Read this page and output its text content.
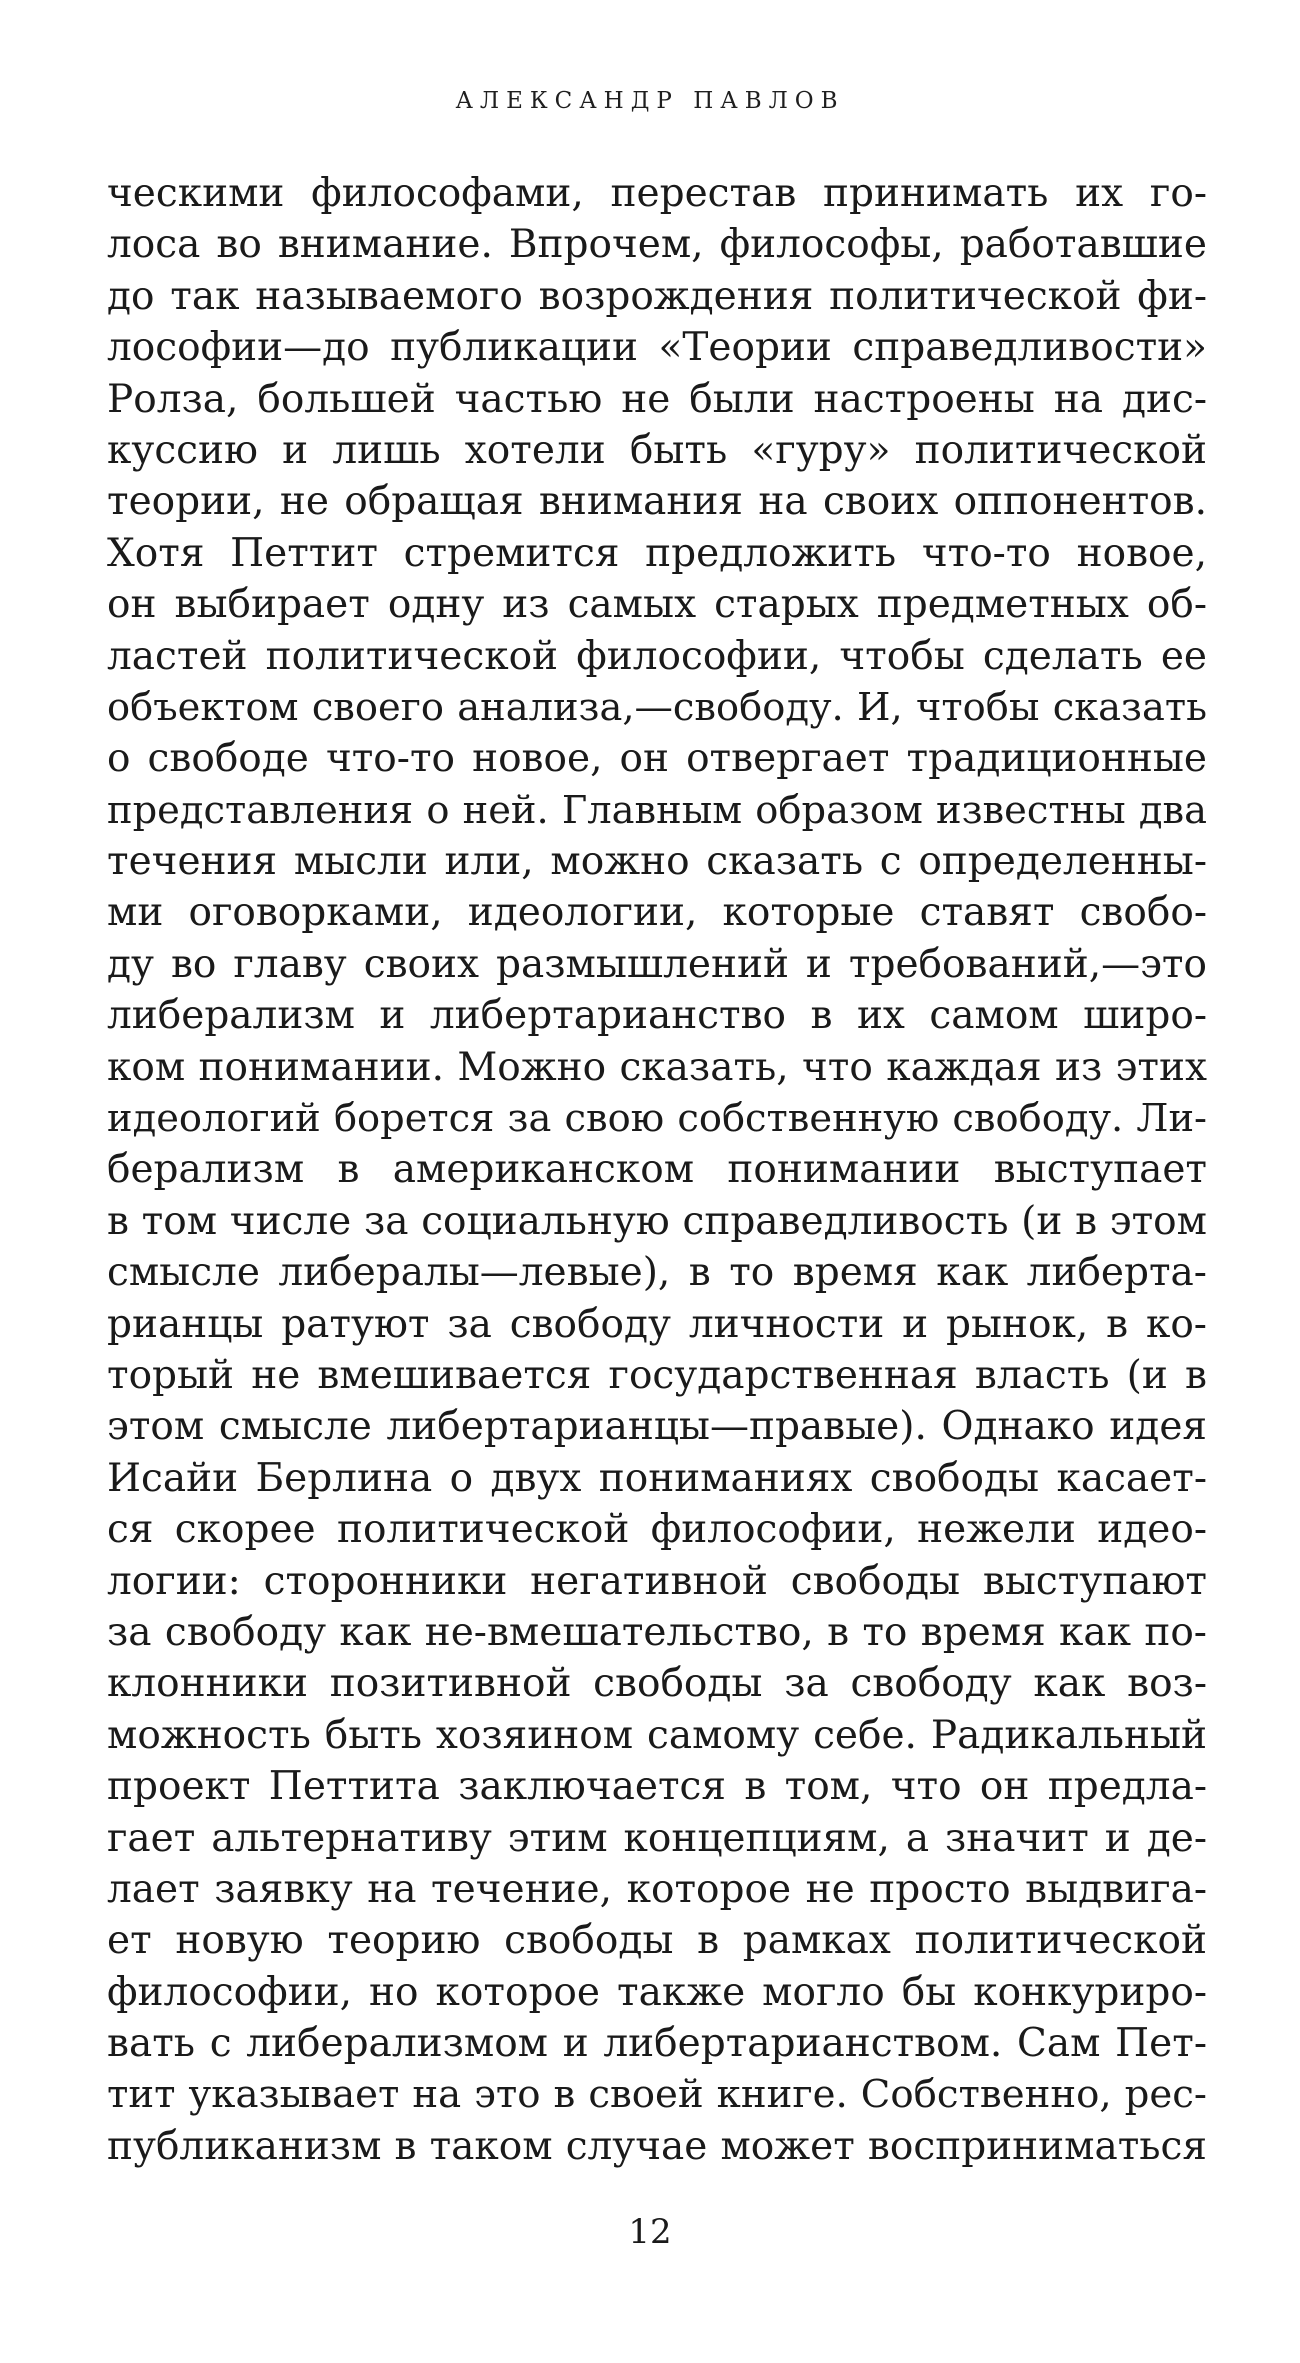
АЛЕКСАНДР ПАВЛОВ
ческими философами, перестав принимать их го-
лоса во внимание. Впрочем, философы, работавшие
до так называемого возрождения политической фи-
лософии—до публикации «Теории справедливости»
Ролза, большей частью не были настроены на дис-
куссию и лишь хотели быть «гуру» политической
теории, не обращая внимания на своих оппонентов.
Хотя Петтит стремится предложить что-то новое,
он выбирает одну из самых старых предметных об-
ластей политической философии, чтобы сделать ее
объектом своего анализа,—свободу. И, чтобы сказать
о свободе что-то новое, он отвергает традиционные
представления о ней. Главным образом известны два
течения мысли или, можно сказать с определенны-
ми оговорками, идеологии, которые ставят свобо-
ду во главу своих размышлений и требований,—это
либерализм и либертарианство в их самом широ-
ком понимании. Можно сказать, что каждая из этих
идеологий борется за свою собственную свободу. Ли-
берализм в американском понимании выступает
в том числе за социальную справедливость (и в этом
смысле либералы—левые), в то время как либерта-
рианцы ратуют за свободу личности и рынок, в ко-
торый не вмешивается государственная власть (и в
этом смысле либертарианцы—правые). Однако идея
Исайи Берлина о двух пониманиях свободы касает-
ся скорее политической философии, нежели идео-
логии: сторонники негативной свободы выступают
за свободу как не-вмешательство, в то время как по-
клонники позитивной свободы за свободу как воз-
можность быть хозяином самому себе. Радикальный
проект Петтита заключается в том, что он предла-
гает альтернативу этим концепциям, а значит и де-
лает заявку на течение, которое не просто выдвига-
ет новую теорию свободы в рамках политической
философии, но которое также могло бы конкуриро-
вать с либерализмом и либертарианством. Сам Пет-
тит указывает на это в своей книге. Собственно, рес-
публиканизм в таком случае может восприниматься
12
